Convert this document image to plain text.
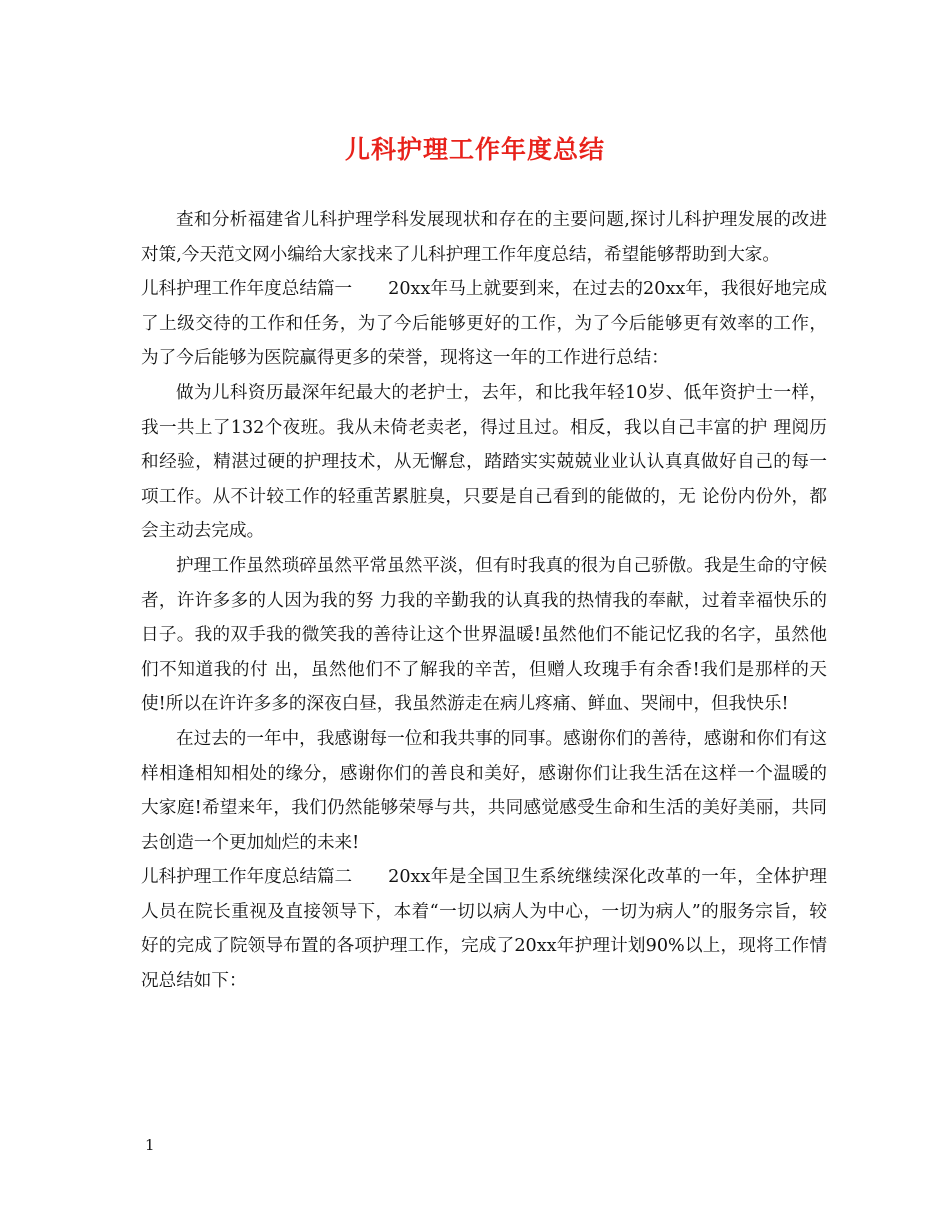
儿科护理工作年度总结

查和分析福建省儿科护理学科发展现状和存在的主要问题,探讨儿科护理发展的改进对策,今天范文网小编给大家找来了儿科护理工作年度总结，希望能够帮助到大家。

儿科护理工作年度总结篇一 20xx年马上就要到来，在过去的20xx年，我很好地完成了上级交待的工作和任务，为了今后能够更好的工作，为了今后能够更有效率的工作，为了今后能够为医院赢得更多的荣誉，现将这一年的工作进行总结：

做为儿科资历最深年纪最大的老护士，去年，和比我年轻10岁、低年资护士一样，我一共上了132个夜班。我从未倚老卖老，得过且过。相反，我以自己丰富的护 理阅历和经验，精湛过硬的护理技术，从无懈怠，踏踏实实兢兢业业认认真真做好自己的每一项工作。从不计较工作的轻重苦累脏臭，只要是自己看到的能做的，无 论份内份外，都会主动去完成。

护理工作虽然琐碎虽然平常虽然平淡，但有时我真的很为自己骄傲。我是生命的守候者，许许多多的人因为我的努 力我的辛勤我的认真我的热情我的奉献，过着幸福快乐的日子。我的双手我的微笑我的善待让这个世界温暖!虽然他们不能记忆我的名字，虽然他们不知道我的付 出，虽然他们不了解我的辛苦，但赠人玫瑰手有余香!我们是那样的天使!所以在许许多多的深夜白昼，我虽然游走在病儿疼痛、鲜血、哭闹中，但我快乐!

在过去的一年中，我感谢每一位和我共事的同事。感谢你们的善待，感谢和你们有这样相逢相知相处的缘分，感谢你们的善良和美好，感谢你们让我生活在这样一个温暖的大家庭!希望来年，我们仍然能够荣辱与共，共同感觉感受生命和生活的美好美丽，共同去创造一个更加灿烂的未来!

儿科护理工作年度总结篇二 20xx年是全国卫生系统继续深化改革的一年，全体护理人员在院长重视及直接领导下，本着“一切以病人为中心，一切为病人”的服务宗旨，较好的完成了院领导布置的各项护理工作，完成了20xx年护理计划90%以上，现将工作情况总结如下：

1
